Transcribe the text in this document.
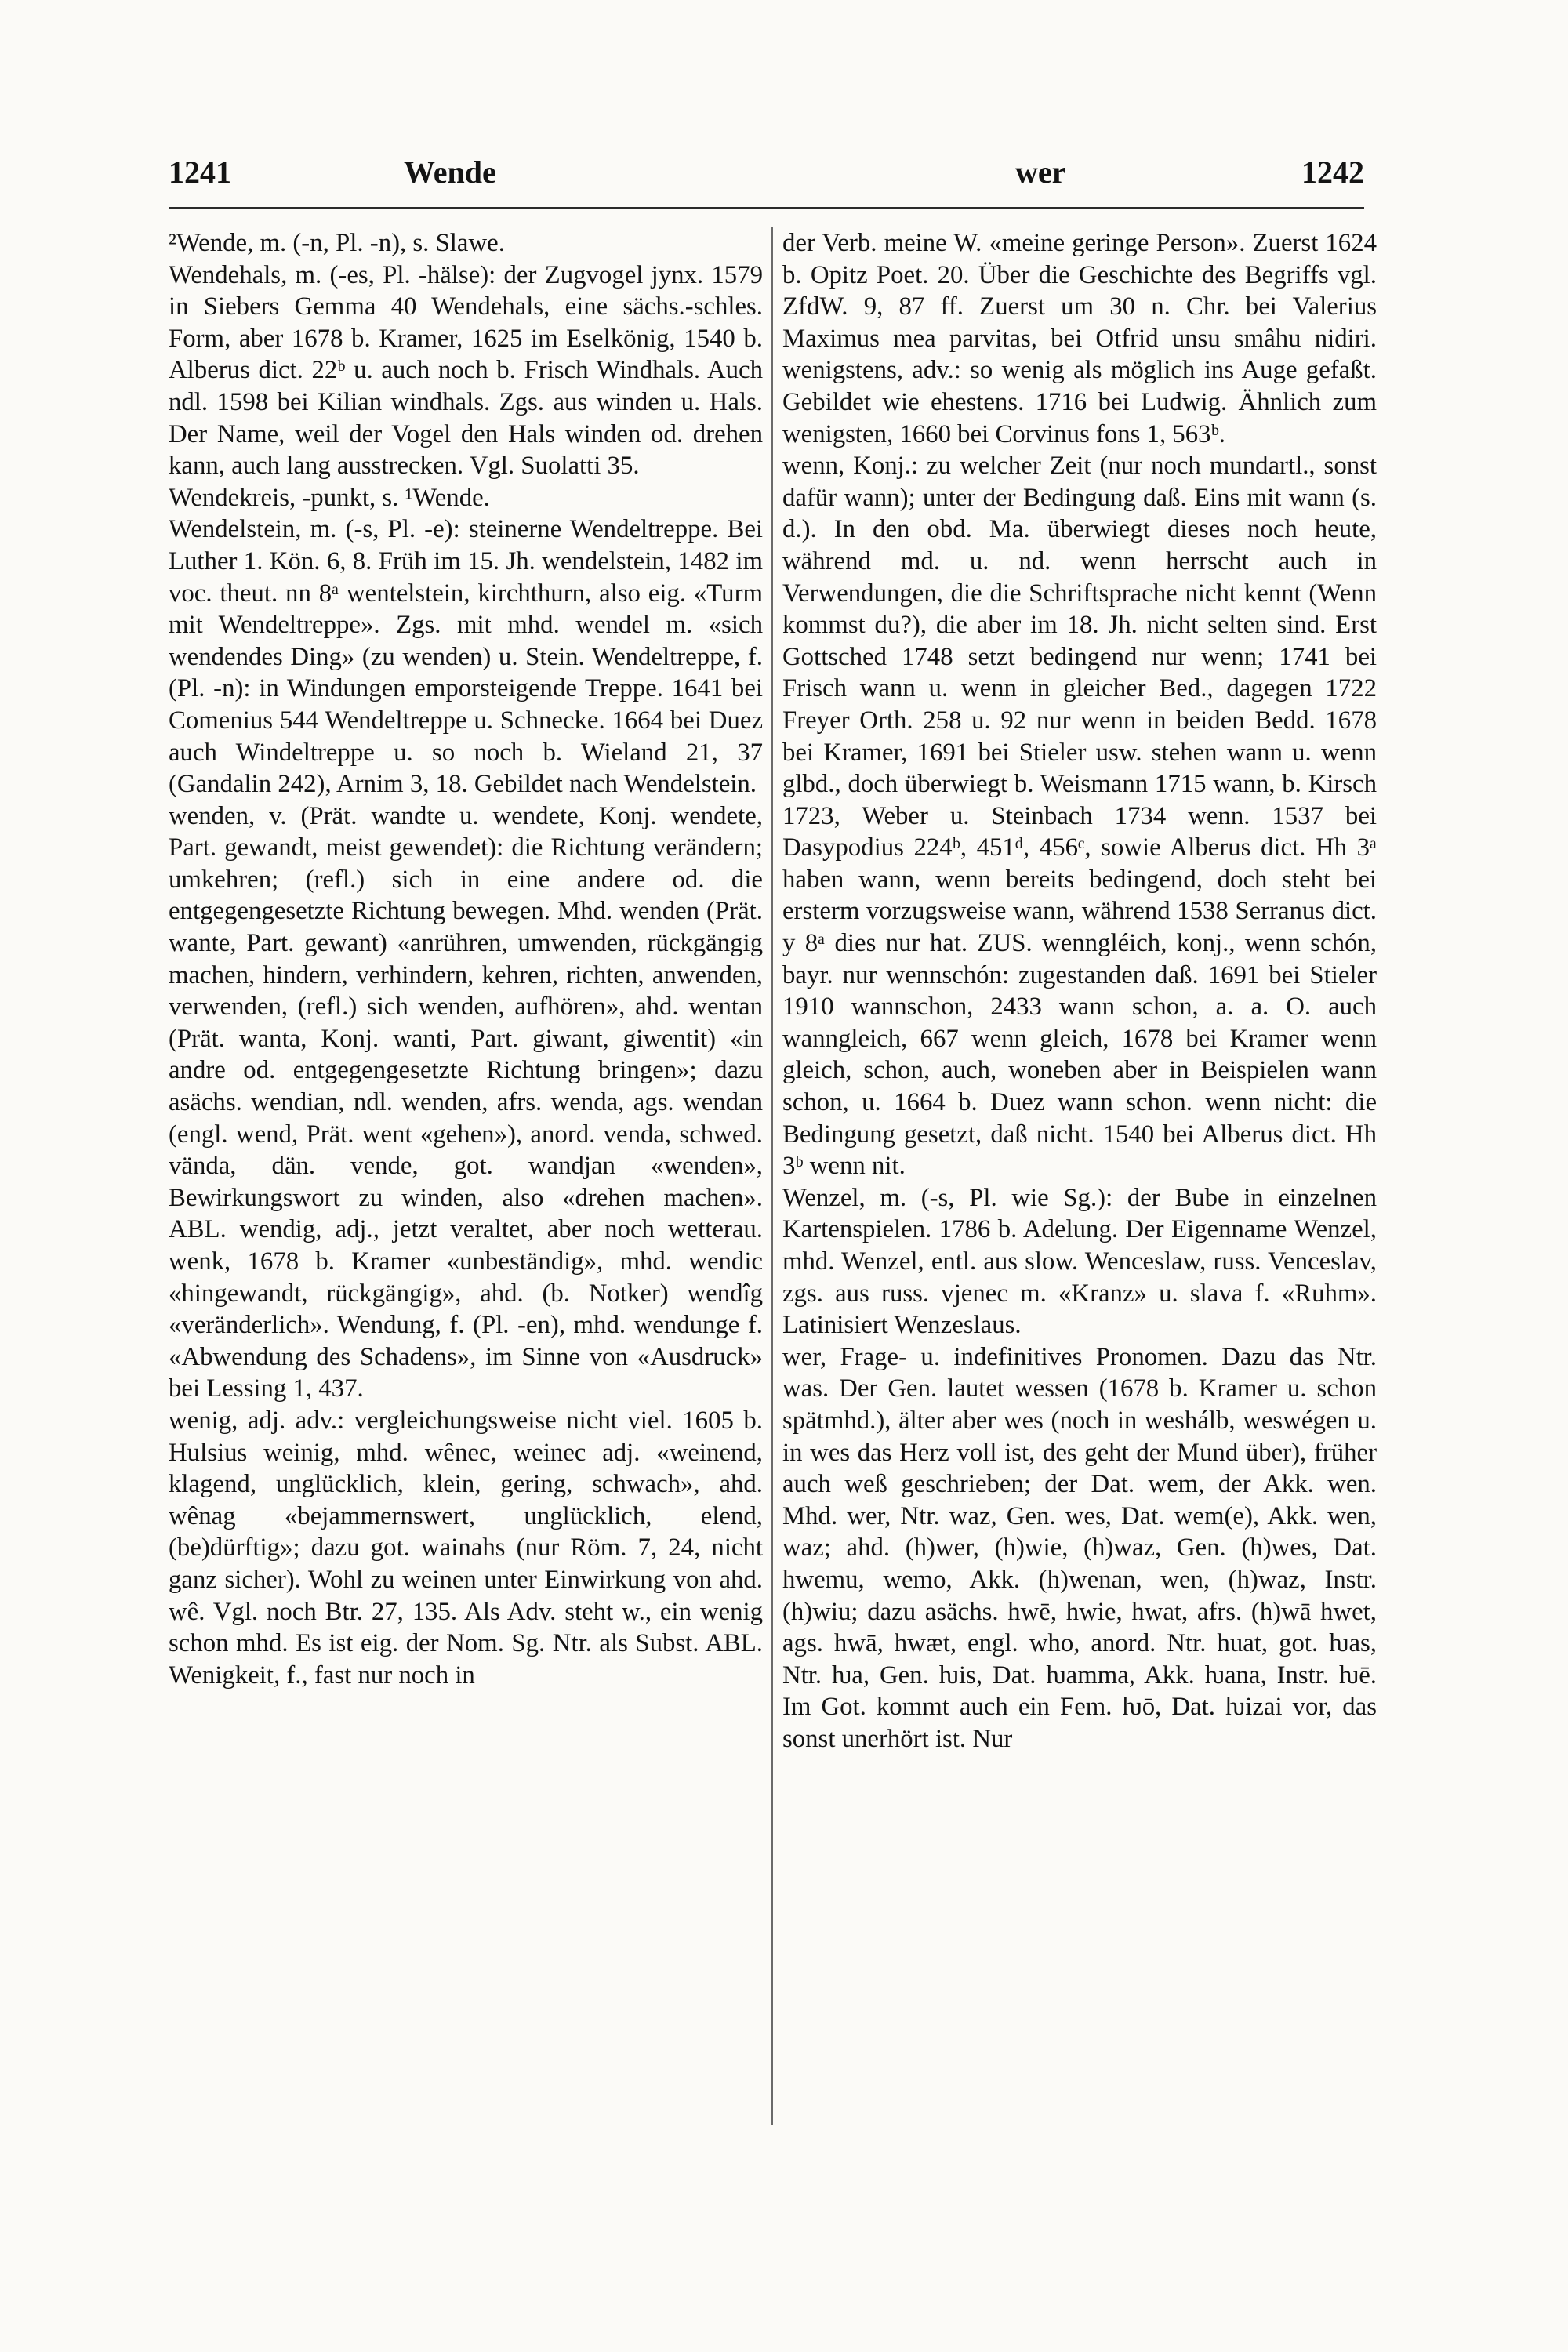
1241	Wende	wer	1242

²Wende, m. (-n, Pl. -n), s. Slawe.

Wendehals, m. (-es, Pl. -hälse): der Zugvogel jynx. 1579 in Siebers Gemma 40 Wendehals, eine sächs.-schles. Form, aber 1678 b. Kramer, 1625 im Eselkönig, 1540 b. Alberus dict. 22ᵇ u. auch noch b. Frisch Windhals. Auch ndl. 1598 bei Kilian windhals. Zgs. aus winden u. Hals. Der Name, weil der Vogel den Hals winden od. drehen kann, auch lang ausstrecken. Vgl. Suolatti 35.

Wendekreis, -punkt, s. ¹Wende.

Wendelstein, m. (-s, Pl. -e): steinerne Wendeltreppe. Bei Luther 1. Kön. 6, 8. Früh im 15. Jh. wendelstein, 1482 im voc. theut. nn 8ᵃ wentelstein, kirchthurn, also eig. «Turm mit Wendeltreppe». Zgs. mit mhd. wendel m. «sich wendendes Ding» (zu wenden) u. Stein. Wendeltreppe, f. (Pl. -n): in Windungen emporsteigende Treppe. 1641 bei Comenius 544 Wendeltreppe u. Schnecke. 1664 bei Duez auch Windeltreppe u. so noch b. Wieland 21, 37 (Gandalin 242), Arnim 3, 18. Gebildet nach Wendelstein.

wenden, v. (Prät. wandte u. wendete, Konj. wendete, Part. gewandt, meist gewendet): die Richtung verändern; umkehren; (refl.) sich in eine andere od. die entgegengesetzte Richtung bewegen. Mhd. wenden (Prät. wante, Part. gewant) «anrühren, umwenden, rückgängig machen, hindern, verhindern, kehren, richten, anwenden, verwenden, (refl.) sich wenden, aufhören», ahd. wentan (Prät. wanta, Konj. wanti, Part. giwant, giwentit) «in andre od. entgegengesetzte Richtung bringen»; dazu asächs. wendian, ndl. wenden, afrs. wenda, ags. wendan (engl. wend, Prät. went «gehen»), anord. venda, schwed. vända, dän. vende, got. wandjan «wenden», Bewirkungswort zu winden, also «drehen machen». ABL. wendig, adj., jetzt veraltet, aber noch wetterau. wenk, 1678 b. Kramer «unbeständig», mhd. wendic «hingewandt, rückgängig», ahd. (b. Notker) wendîg «veränderlich». Wendung, f. (Pl. -en), mhd. wendunge f. «Abwendung des Schadens», im Sinne von «Ausdruck» bei Lessing 1, 437.

wenig, adj. adv.: vergleichungsweise nicht viel. 1605 b. Hulsius weinig, mhd. wênec, weinec adj. «weinend, klagend, unglücklich, klein, gering, schwach», ahd. wênag «bejammernswert, unglücklich, elend, (be)dürftig»; dazu got. wainahs (nur Röm. 7, 24, nicht ganz sicher). Wohl zu weinen unter Einwirkung von ahd. wê. Vgl. noch Btr. 27, 135. Als Adv. steht w., ein wenig schon mhd. Es ist eig. der Nom. Sg. Ntr. als Subst. ABL. Wenigkeit, f., fast nur noch in

der Verb. meine W. «meine geringe Person». Zuerst 1624 b. Opitz Poet. 20. Über die Geschichte des Begriffs vgl. ZfdW. 9, 87 ff. Zuerst um 30 n. Chr. bei Valerius Maximus mea parvitas, bei Otfrid unsu smâhu nidiri. wenigstens, adv.: so wenig als möglich ins Auge gefaßt. Gebildet wie ehestens. 1716 bei Ludwig. Ähnlich zum wenigsten, 1660 bei Corvinus fons 1, 563ᵇ.

wenn, Konj.: zu welcher Zeit (nur noch mundartl., sonst dafür wann); unter der Bedingung daß. Eins mit wann (s. d.). In den obd. Ma. überwiegt dieses noch heute, während md. u. nd. wenn herrscht auch in Verwendungen, die die Schriftsprache nicht kennt (Wenn kommst du?), die aber im 18. Jh. nicht selten sind. Erst Gottsched 1748 setzt bedingend nur wenn; 1741 bei Frisch wann u. wenn in gleicher Bed., dagegen 1722 Freyer Orth. 258 u. 92 nur wenn in beiden Bedd. 1678 bei Kramer, 1691 bei Stieler usw. stehen wann u. wenn glbd., doch überwiegt b. Weismann 1715 wann, b. Kirsch 1723, Weber u. Steinbach 1734 wenn. 1537 bei Dasypodius 224ᵇ, 451ᵈ, 456ᶜ, sowie Alberus dict. Hh 3ᵃ haben wann, wenn bereits bedingend, doch steht bei ersterm vorzugsweise wann, während 1538 Serranus dict. y 8ᵃ dies nur hat. ZUS. wenngléich, konj., wenn schón, bayr. nur wennschón: zugestanden daß. 1691 bei Stieler 1910 wannschon, 2433 wann schon, a. a. O. auch wanngleich, 667 wenn gleich, 1678 bei Kramer wenn gleich, schon, auch, woneben aber in Beispielen wann schon, u. 1664 b. Duez wann schon. wenn nicht: die Bedingung gesetzt, daß nicht. 1540 bei Alberus dict. Hh 3ᵇ wenn nit.

Wenzel, m. (-s, Pl. wie Sg.): der Bube in einzelnen Kartenspielen. 1786 b. Adelung. Der Eigenname Wenzel, mhd. Wenzel, entl. aus slow. Wenceslaw, russ. Venceslav, zgs. aus russ. vjenec m. «Kranz» u. slava f. «Ruhm». Latinisiert Wenzeslaus.

wer, Frage- u. indefinitives Pronomen. Dazu das Ntr. was. Der Gen. lautet wessen (1678 b. Kramer u. schon spätmhd.), älter aber wes (noch in weshálb, weswégen u. in wes das Herz voll ist, des geht der Mund über), früher auch weß geschrieben; der Dat. wem, der Akk. wen. Mhd. wer, Ntr. waz, Gen. wes, Dat. wem(e), Akk. wen, waz; ahd. (h)wer, (h)wie, (h)waz, Gen. (h)wes, Dat. hwemu, wemo, Akk. (h)wenan, wen, (h)waz, Instr. (h)wiu; dazu asächs. hwē, hwie, hwat, afrs. (h)wā hwet, ags. hwā, hwæt, engl. who, anord. Ntr. huat, got. ƕas, Ntr. ƕa, Gen. ƕis, Dat. ƕamma, Akk. ƕana, Instr. ƕē. Im Got. kommt auch ein Fem. ƕō, Dat. ƕizai vor, das sonst unerhört ist. Nur
